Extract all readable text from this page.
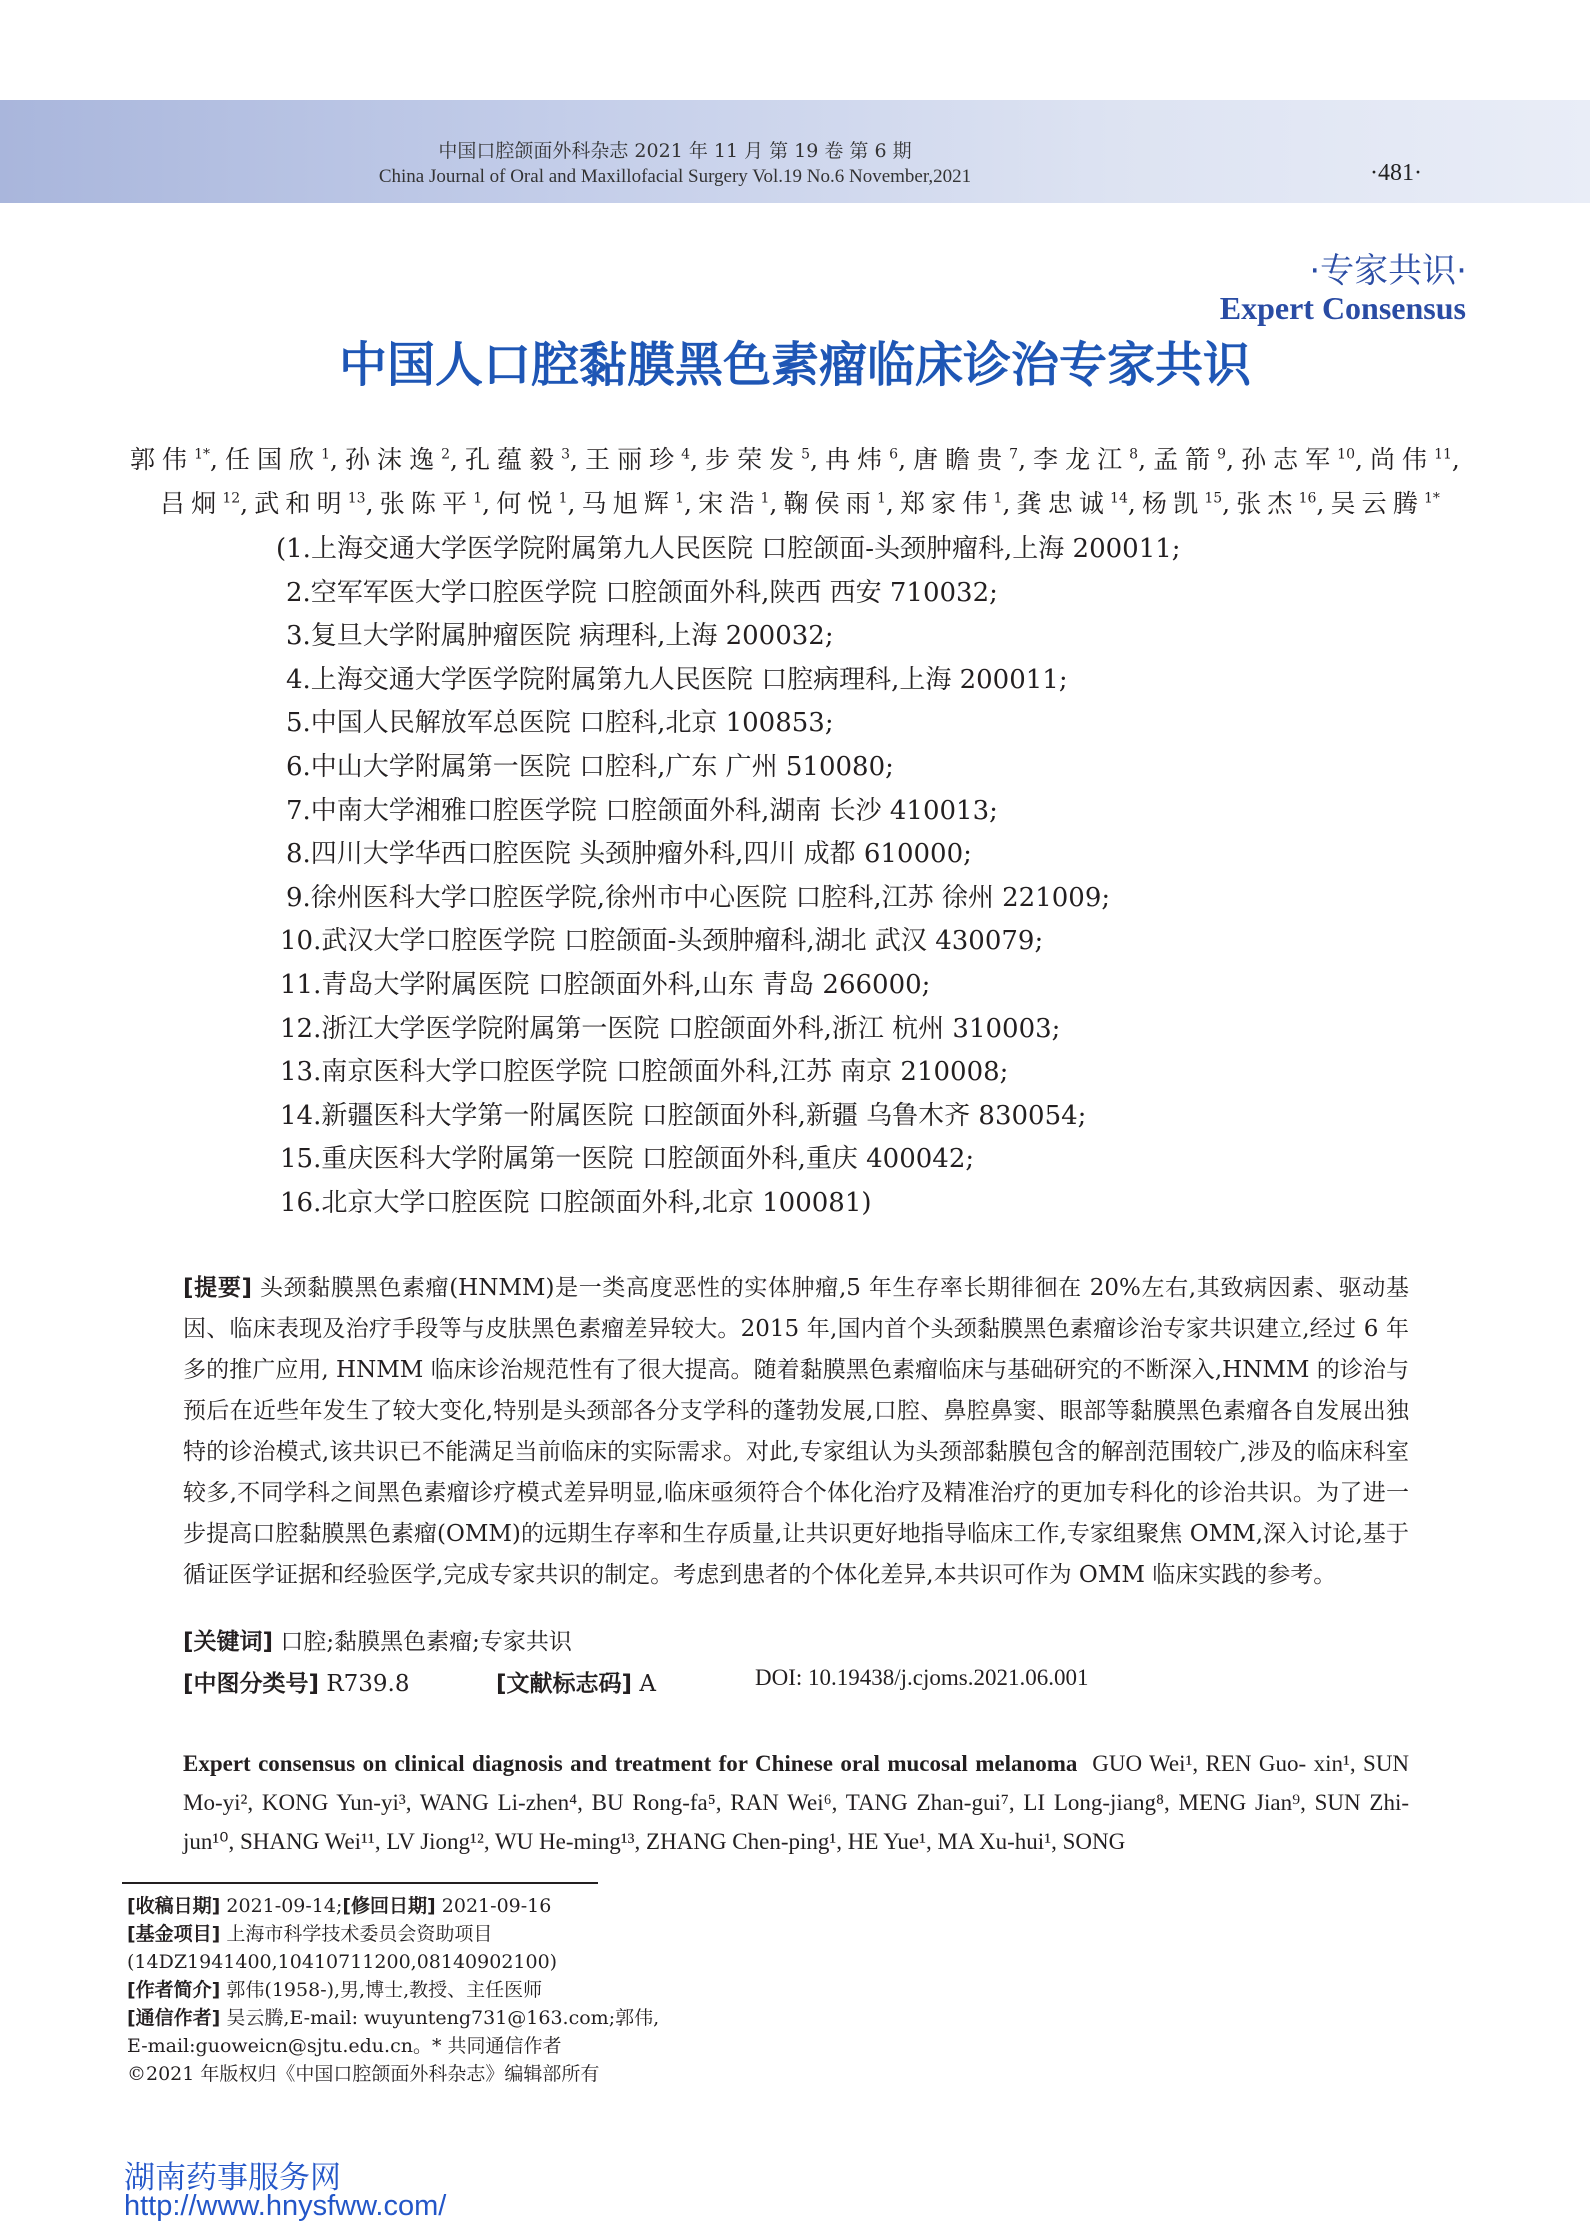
中国口腔颌面外科杂志 2021 年 11 月 第 19 卷 第 6 期
China Journal of Oral and Maxillofacial Surgery Vol.19 No.6 November,2021	·481·
·专家共识·
Expert Consensus
中国人口腔黏膜黑色素瘤临床诊治专家共识
郭伟$^{1*}$,任国欣$^1$,孙沫逸$^2$,孔蕴毅$^3$,王丽珍$^4$,步荣发$^5$,冉炜$^6$,唐瞻贵$^7$,李龙江$^8$,孟箭$^9$,孙志军$^{10}$,尚伟$^{11}$,
吕炯$^{12}$,武和明$^{13}$,张陈平$^1$,何悦$^1$,马旭辉$^1$,宋浩$^1$,鞠侯雨$^1$,郑家伟$^1$,龚忠诚$^{14}$,杨凯$^{15}$,张杰$^{16}$,吴云腾$^{1*}$
(1.上海交通大学医学院附属第九人民医院 口腔颌面-头颈肿瘤科,上海 200011;
2.空军军医大学口腔医学院 口腔颌面外科,陕西 西安 710032;
3.复旦大学附属肿瘤医院 病理科,上海 200032;
4.上海交通大学医学院附属第九人民医院 口腔病理科,上海 200011;
5.中国人民解放军总医院 口腔科,北京 100853;
6.中山大学附属第一医院 口腔科,广东 广州 510080;
7.中南大学湘雅口腔医学院 口腔颌面外科,湖南 长沙 410013;
8.四川大学华西口腔医院 头颈肿瘤外科,四川 成都 610000;
9.徐州医科大学口腔医学院,徐州市中心医院 口腔科,江苏 徐州 221009;
10.武汉大学口腔医学院 口腔颌面-头颈肿瘤科,湖北 武汉 430079;
11.青岛大学附属医院 口腔颌面外科,山东 青岛 266000;
12.浙江大学医学院附属第一医院 口腔颌面外科,浙江 杭州 310003;
13.南京医科大学口腔医学院 口腔颌面外科,江苏 南京 210008;
14.新疆医科大学第一附属医院 口腔颌面外科,新疆 乌鲁木齐 830054;
15.重庆医科大学附属第一医院 口腔颌面外科,重庆 400042;
16.北京大学口腔医院 口腔颌面外科,北京 100081)
[提要] 头颈黏膜黑色素瘤(HNMM)是一类高度恶性的实体肿瘤,5 年生存率长期徘徊在 20%左右,其致病因素、驱动基因、临床表现及治疗手段等与皮肤黑色素瘤差异较大。2015 年,国内首个头颈黏膜黑色素瘤诊治专家共识建立,经过 6 年多的推广应用, HNMM 临床诊治规范性有了很大提高。随着黏膜黑色素瘤临床与基础研究的不断深入,HNMM 的诊治与预后在近些年发生了较大变化,特别是头颈部各分支学科的蓬勃发展,口腔、鼻腔鼻窦、眼部等黏膜黑色素瘤各自发展出独特的诊治模式,该共识已不能满足当前临床的实际需求。对此,专家组认为头颈部黏膜包含的解剖范围较广,涉及的临床科室较多,不同学科之间黑色素瘤诊疗模式差异明显,临床亟须符合个体化治疗及精准治疗的更加专科化的诊治共识。为了进一步提高口腔黏膜黑色素瘤(OMM)的远期生存率和生存质量,让共识更好地指导临床工作,专家组聚焦 OMM,深入讨论,基于循证医学证据和经验医学,完成专家共识的制定。考虑到患者的个体化差异,本共识可作为 OMM 临床实践的参考。
[关键词] 口腔;黏膜黑色素瘤;专家共识
[中图分类号] R739.8	[文献标志码] A	DOI: 10.19438/j.cjoms.2021.06.001
Expert consensus on clinical diagnosis and treatment for Chinese oral mucosal melanoma GUO Wei¹, REN Guo- xin¹, SUN Mo-yi², KONG Yun-yi³, WANG Li-zhen⁴, BU Rong-fa⁵, RAN Wei⁶, TANG Zhan-gui⁷, LI Long-jiang⁸, MENG Jian⁹, SUN Zhi-jun¹⁰, SHANG Wei¹¹, LV Jiong¹², WU He-ming¹³, ZHANG Chen-ping¹, HE Yue¹, MA Xu-hui¹, SONG
[收稿日期] 2021-09-14;[修回日期] 2021-09-16
[基金项目] 上海市科学技术委员会资助项目
(14DZ1941400,10410711200,08140902100)
[作者简介] 郭伟(1958-),男,博士,教授、主任医师
[通信作者] 吴云腾,E-mail: wuyunteng731@163.com;郭伟,
E-mail:guoweicn@sjtu.edu.cn。* 共同通信作者
©2021 年版权归《中国口腔颌面外科杂志》编辑部所有
湖南药事服务网
http://www.hnysfww.com/
